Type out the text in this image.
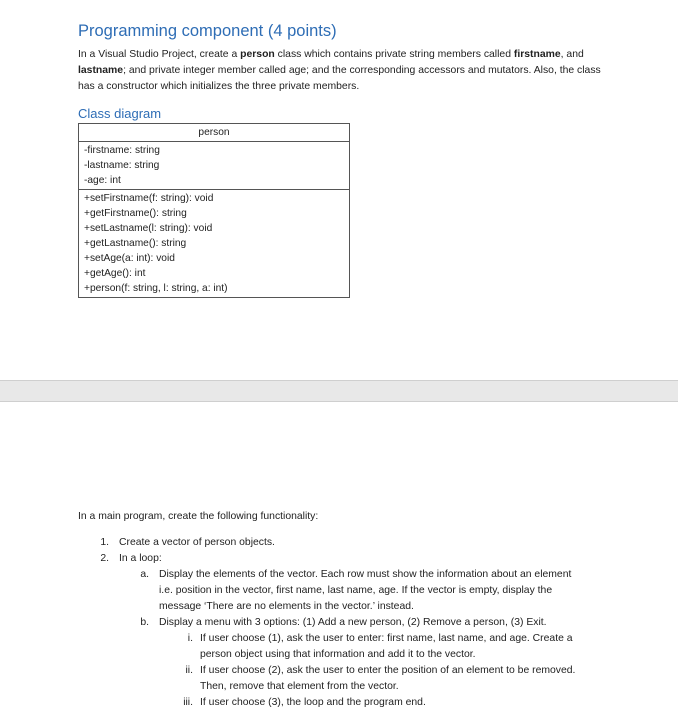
Programming component (4 points)

In a Visual Studio Project, create a person class which contains private string members called firstname, and lastname; and private integer member called age; and the corresponding accessors and mutators. Also, the class has a constructor which initializes the three private members.

Class diagram
person
-firstname: string
-lastname: string
-age: int
+setFirstname(f: string): void
+getFirstname(): string
+setLastname(l: string): void
+getLastname(): string
+setAge(a: int): void
+getAge(): int
+person(f: string, l: string, a: int)

In a main program, create the following functionality:

1. Create a vector of person objects.
2. In a loop:
a. Display the elements of the vector. Each row must show the information about an element i.e. position in the vector, first name, last name, age. If the vector is empty, display the message ‘There are no elements in the vector.’ instead.
b. Display a menu with 3 options: (1) Add a new person, (2) Remove a person, (3) Exit.
i. If user choose (1), ask the user to enter: first name, last name, and age. Create a person object using that information and add it to the vector.
ii. If user choose (2), ask the user to enter the position of an element to be removed. Then, remove that element from the vector.
iii. If user choose (3), the loop and the program end.
